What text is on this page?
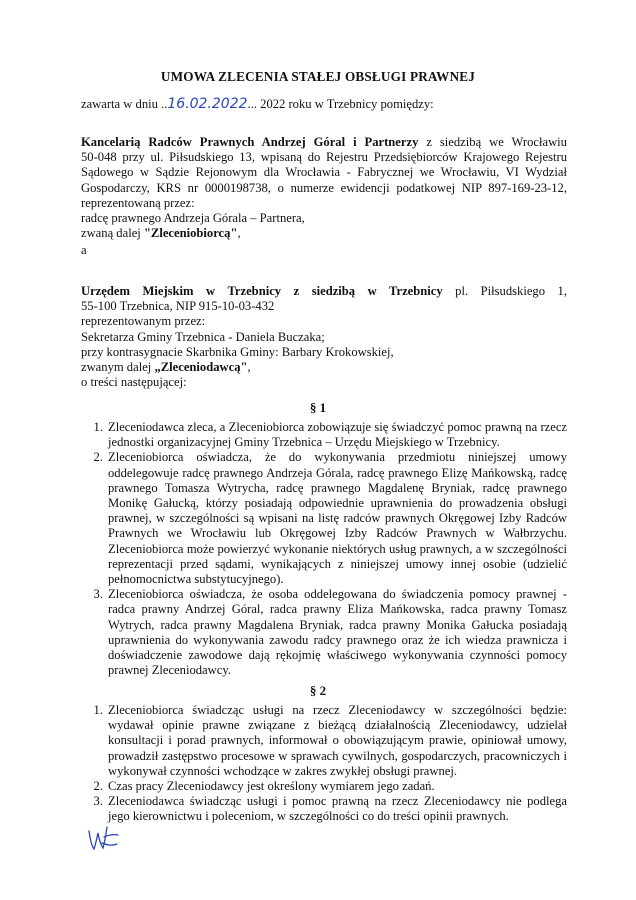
UMOWA ZLECENIA STAŁEJ OBSŁUGI PRAWNEJ
zawarta w dniu ..16.02.2022... 2022 roku w Trzebnicy pomiędzy:
Kancelarią Radców Prawnych Andrzej Góral i Partnerzy z siedzibą we Wrocławiu
50-048 przy ul. Piłsudskiego 13, wpisaną do Rejestru Przedsiębiorców Krajowego Rejestru
Sądowego w Sądzie Rejonowym dla Wrocławia - Fabrycznej we Wrocławiu, VI Wydział
Gospodarczy, KRS nr 0000198738, o numerze ewidencji podatkowej NIP 897-169-23-12,
reprezentowaną przez:
radcę prawnego Andrzeja Górala – Partnera,
zwaną dalej "Zleceniobiorcą",
a
Urzędem Miejskim w Trzebnicy z siedzibą w Trzebnicy pl. Piłsudskiego 1,
55-100 Trzebnica, NIP 915-10-03-432
reprezentowanym przez:
Sekretarza Gminy Trzebnica - Daniela Buczaka;
przy kontrasygnacie Skarbnika Gminy: Barbary Krokowskiej,
zwanym dalej „Zleceniodawcą",
o treści następującej:
§ 1
1. Zleceniodawca zleca, a Zleceniobiorca zobowiązuje się świadczyć pomoc prawną na rzecz jednostki organizacyjnej Gminy Trzebnica – Urzędu Miejskiego w Trzebnicy.
2. Zleceniobiorca oświadcza, że do wykonywania przedmiotu niniejszej umowy oddelegowuje radcę prawnego Andrzeja Górala, radcę prawnego Elizę Mańkowską, radcę prawnego Tomasza Wytrycha, radcę prawnego Magdalenę Bryniak, radcę prawnego Monikę Gałucką, którzy posiadają odpowiednie uprawnienia do prowadzenia obsługi prawnej, w szczególności są wpisani na listę radców prawnych Okręgowej Izby Radców Prawnych we Wrocławiu lub Okręgowej Izby Radców Prawnych w Wałbrzychu. Zleceniobiorca może powierzyć wykonanie niektórych usług prawnych, a w szczególności reprezentacji przed sądami, wynikających z niniejszej umowy innej osobie (udzielić pełnomocnictwa substytucyjnego).
3. Zleceniobiorca oświadcza, że osoba oddelegowana do świadczenia pomocy prawnej - radca prawny Andrzej Góral, radca prawny Eliza Mańkowska, radca prawny Tomasz Wytrych, radca prawny Magdalena Bryniak, radca prawny Monika Gałucka posiadają uprawnienia do wykonywania zawodu radcy prawnego oraz że ich wiedza prawnicza i doświadczenie zawodowe dają rękojmię właściwego wykonywania czynności pomocy prawnej Zleceniodawcy.
§ 2
1. Zleceniobiorca świadcząc usługi na rzecz Zleceniodawcy w szczególności będzie: wydawał opinie prawne związane z bieżącą działalnością Zleceniodawcy, udzielał konsultacji i porad prawnych, informował o obowiązującym prawie, opiniował umowy, prowadził zastępstwo procesowe w sprawach cywilnych, gospodarczych, pracowniczych i wykonywał czynności wchodzące w zakres zwykłej obsługi prawnej.
2. Czas pracy Zleceniodawcy jest określony wymiarem jego zadań.
3. Zleceniodawca świadcząc usługi i pomoc prawną na rzecz Zleceniodawcy nie podlega jego kierownictwu i poleceniom, w szczególności co do treści opinii prawnych.
